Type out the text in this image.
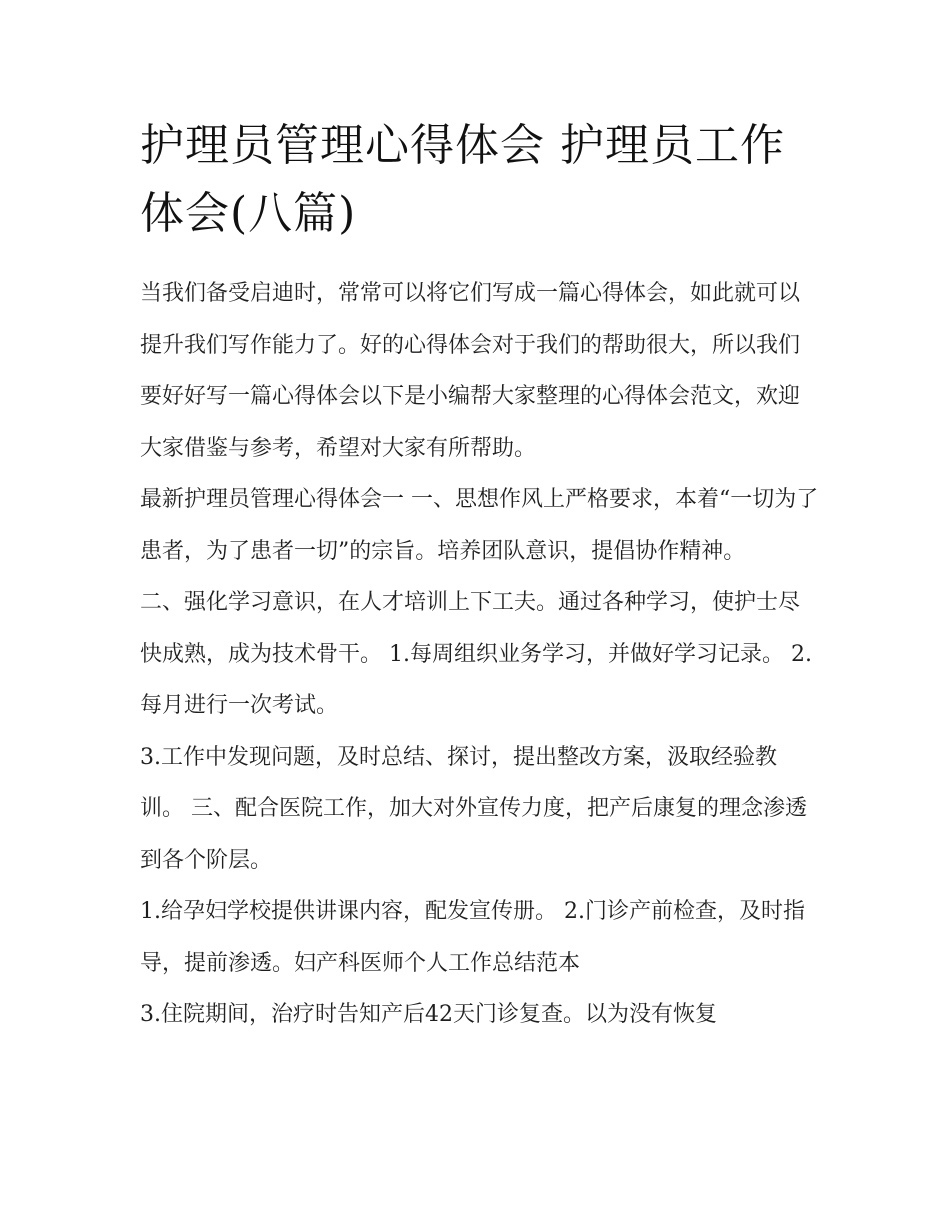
护理员管理心得体会 护理员工作体会(八篇)

当我们备受启迪时，常常可以将它们写成一篇心得体会，如此就可以提升我们写作能力了。好的心得体会对于我们的帮助很大，所以我们要好好写一篇心得体会以下是小编帮大家整理的心得体会范文，欢迎大家借鉴与参考，希望对大家有所帮助。

最新护理员管理心得体会一 一、思想作风上严格要求，本着“一切为了患者，为了患者一切”的宗旨。培养团队意识，提倡协作精神。

二、强化学习意识，在人才培训上下工夫。通过各种学习，使护士尽快成熟，成为技术骨干。 1.每周组织业务学习，并做好学习记录。 2.每月进行一次考试。

3.工作中发现问题，及时总结、探讨，提出整改方案，汲取经验教训。 三、配合医院工作，加大对外宣传力度，把产后康复的理念渗透到各个阶层。

1.给孕妇学校提供讲课内容，配发宣传册。 2.门诊产前检查，及时指导，提前渗透。妇产科医师个人工作总结范本

3.住院期间，治疗时告知产后42天门诊复查。以为没有恢复
